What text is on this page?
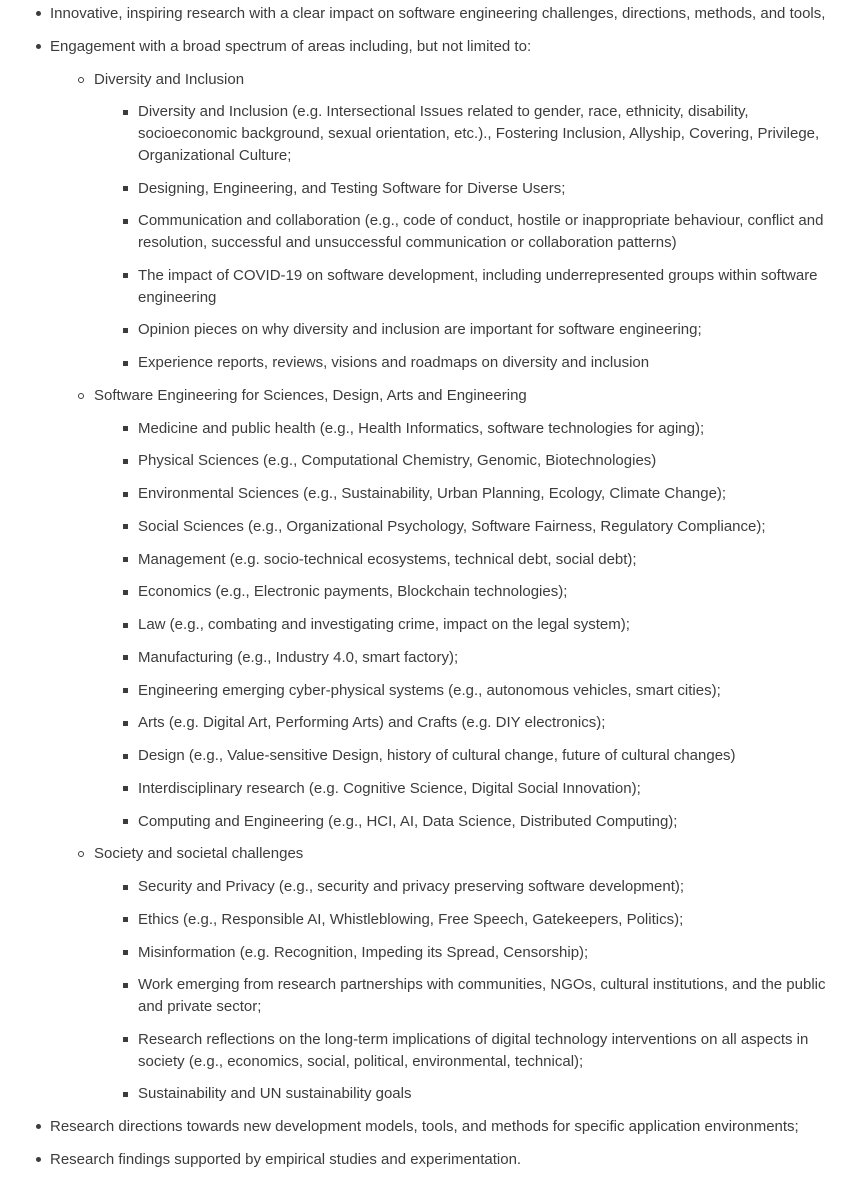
Innovative, inspiring research with a clear impact on software engineering challenges, directions, methods, and tools,
Engagement with a broad spectrum of areas including, but not limited to:
Diversity and Inclusion
Diversity and Inclusion (e.g. Intersectional Issues related to gender, race, ethnicity, disability, socioeconomic background, sexual orientation, etc.)., Fostering Inclusion, Allyship, Covering, Privilege, Organizational Culture;
Designing, Engineering, and Testing Software for Diverse Users;
Communication and collaboration (e.g., code of conduct, hostile or inappropriate behaviour, conflict and resolution, successful and unsuccessful communication or collaboration patterns)
The impact of COVID-19 on software development, including underrepresented groups within software engineering
Opinion pieces on why diversity and inclusion are important for software engineering;
Experience reports, reviews, visions and roadmaps on diversity and inclusion
Software Engineering for Sciences, Design, Arts and Engineering
Medicine and public health (e.g., Health Informatics, software technologies for aging);
Physical Sciences (e.g., Computational Chemistry, Genomic, Biotechnologies)
Environmental Sciences (e.g., Sustainability, Urban Planning, Ecology, Climate Change);
Social Sciences (e.g., Organizational Psychology, Software Fairness, Regulatory Compliance);
Management (e.g. socio-technical ecosystems, technical debt, social debt);
Economics (e.g., Electronic payments, Blockchain technologies);
Law (e.g., combating and investigating crime, impact on the legal system);
Manufacturing (e.g., Industry 4.0, smart factory);
Engineering emerging cyber-physical systems (e.g., autonomous vehicles, smart cities);
Arts (e.g. Digital Art, Performing Arts) and Crafts (e.g. DIY electronics);
Design (e.g., Value-sensitive Design, history of cultural change, future of cultural changes)
Interdisciplinary research (e.g. Cognitive Science, Digital Social Innovation);
Computing and Engineering (e.g., HCI, AI, Data Science, Distributed Computing);
Society and societal challenges
Security and Privacy (e.g., security and privacy preserving software development);
Ethics (e.g., Responsible AI, Whistleblowing, Free Speech, Gatekeepers, Politics);
Misinformation (e.g. Recognition, Impeding its Spread, Censorship);
Work emerging from research partnerships with communities, NGOs, cultural institutions, and the public and private sector;
Research reflections on the long-term implications of digital technology interventions on all aspects in society (e.g., economics, social, political, environmental, technical);
Sustainability and UN sustainability goals
Research directions towards new development models, tools, and methods for specific application environments;
Research findings supported by empirical studies and experimentation.
